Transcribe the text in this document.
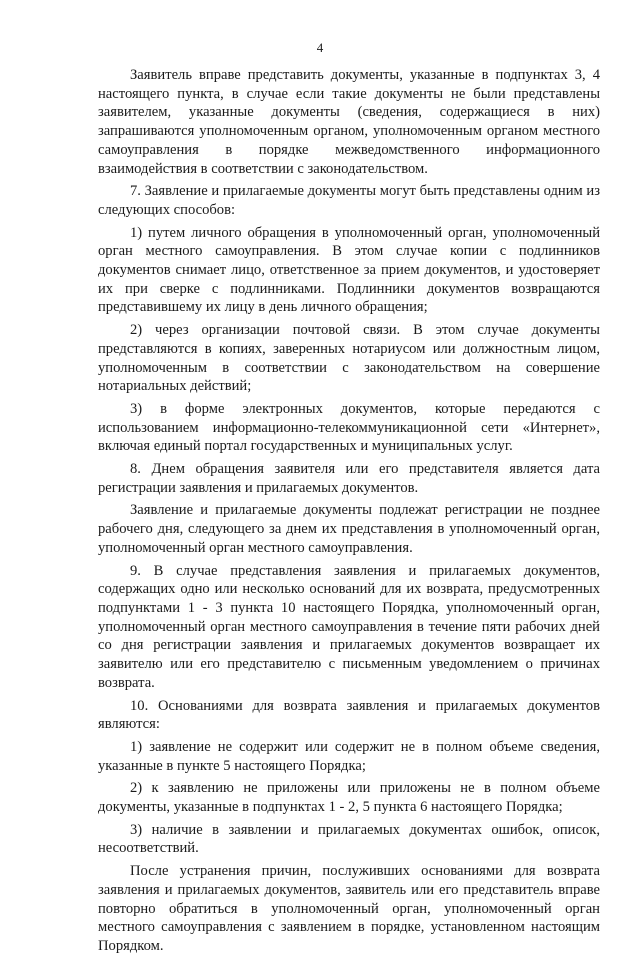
4

Заявитель вправе представить документы, указанные в подпунктах 3, 4 настоящего пункта, в случае если такие документы не были представлены заявителем, указанные документы (сведения, содержащиеся в них) запрашиваются уполномоченным органом, уполномоченным органом местного самоуправления в порядке межведомственного информационного взаимодействия в соответствии с законодательством.

7. Заявление и прилагаемые документы могут быть представлены одним из следующих способов:

1) путем личного обращения в уполномоченный орган, уполномоченный орган местного самоуправления. В этом случае копии с подлинников документов снимает лицо, ответственное за прием документов, и удостоверяет их при сверке с подлинниками. Подлинники документов возвращаются представившему их лицу в день личного обращения;

2) через организации почтовой связи. В этом случае документы представляются в копиях, заверенных нотариусом или должностным лицом, уполномоченным в соответствии с законодательством на совершение нотариальных действий;

3) в форме электронных документов, которые передаются с использованием информационно-телекоммуникационной сети «Интернет», включая единый портал государственных и муниципальных услуг.

8. Днем обращения заявителя или его представителя является дата регистрации заявления и прилагаемых документов.

Заявление и прилагаемые документы подлежат регистрации не позднее рабочего дня, следующего за днем их представления в уполномоченный орган, уполномоченный орган местного самоуправления.

9. В случае представления заявления и прилагаемых документов, содержащих одно или несколько оснований для их возврата, предусмотренных подпунктами 1 - 3 пункта 10 настоящего Порядка, уполномоченный орган, уполномоченный орган местного самоуправления в течение пяти рабочих дней со дня регистрации заявления и прилагаемых документов возвращает их заявителю или его представителю с письменным уведомлением о причинах возврата.

10. Основаниями для возврата заявления и прилагаемых документов являются:

1) заявление не содержит или содержит не в полном объеме сведения, указанные в пункте 5 настоящего Порядка;

2) к заявлению не приложены или приложены не в полном объеме документы, указанные в подпунктах 1 - 2, 5 пункта 6 настоящего Порядка;

3) наличие в заявлении и прилагаемых документах ошибок, описок, несоответствий.

После устранения причин, послуживших основаниями для возврата заявления и прилагаемых документов, заявитель или его представитель вправе повторно обратиться в уполномоченный орган, уполномоченный орган местного самоуправления с заявлением в порядке, установленном настоящим Порядком.
